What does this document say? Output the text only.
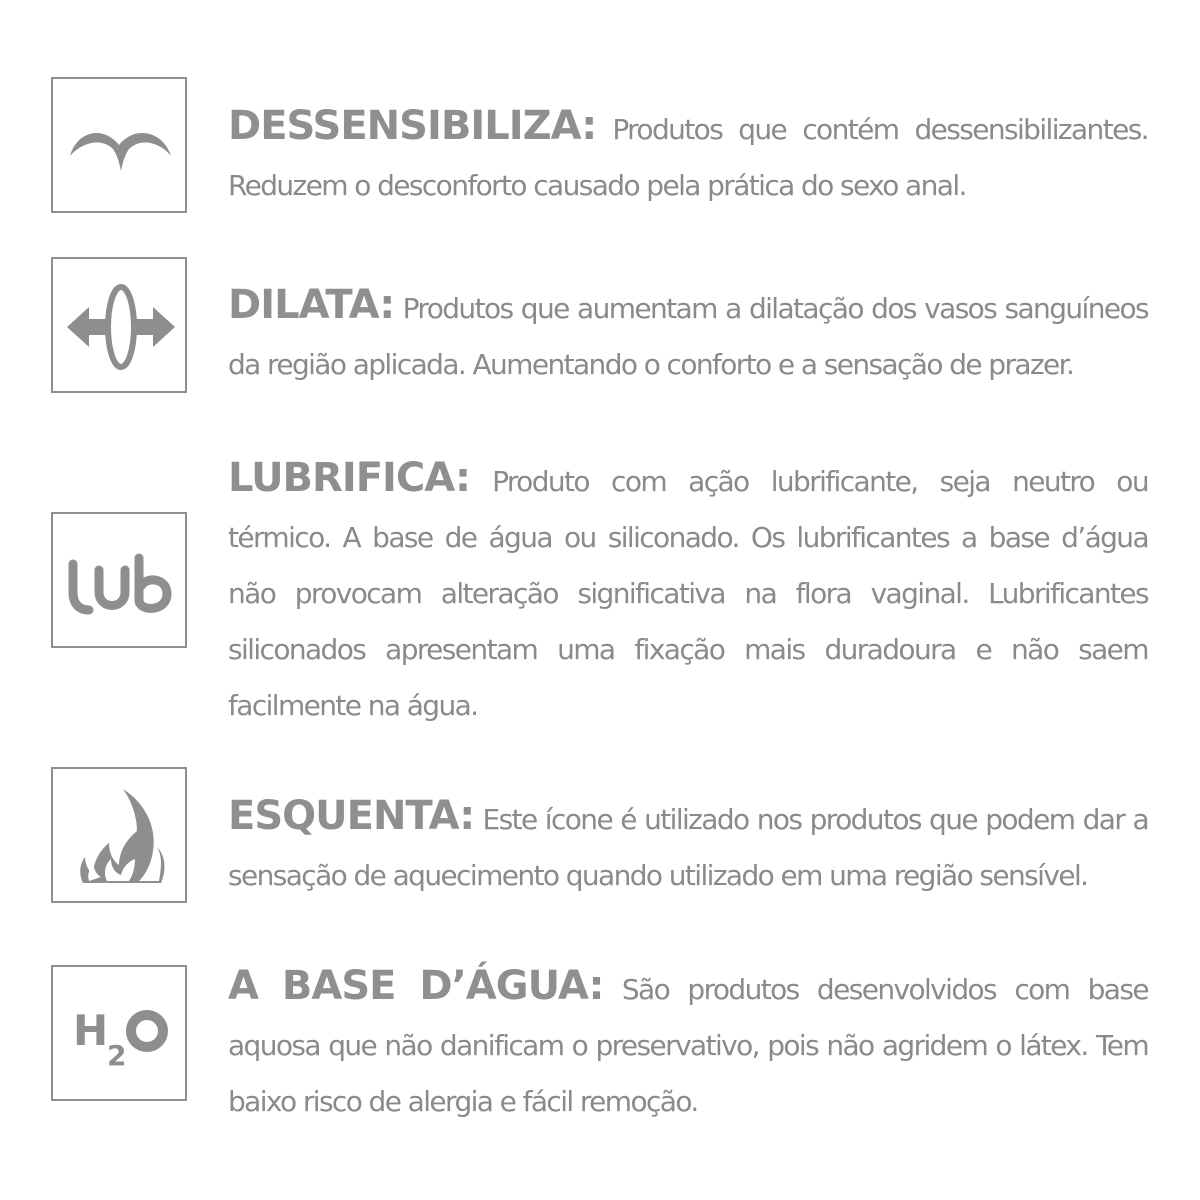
DESSENSIBILIZA: Produtos que contém dessensibilizantes. Reduzem o desconforto causado pela prática do sexo anal.

DILATA: Produtos que aumentam a dilatação dos vasos sanguíneos da região aplicada. Aumentando o conforto e a sensação de prazer.

LUBRIFICA: Produto com ação lubrificante, seja neutro ou térmico. A base de água ou siliconado. Os lubrificantes a base d’água não provocam alteração significativa na flora vaginal. Lubrificantes siliconados apresentam uma fixação mais duradoura e não saem facilmente na água.

ESQUENTA: Este ícone é utilizado nos produtos que podem dar a sensação de aquecimento quando utilizado em uma região sensível.

H
2

A BASE D’ÁGUA: São produtos desenvolvidos com base aquosa que não danificam o preservativo, pois não agridem o látex. Tem baixo risco de alergia e fácil remoção.
